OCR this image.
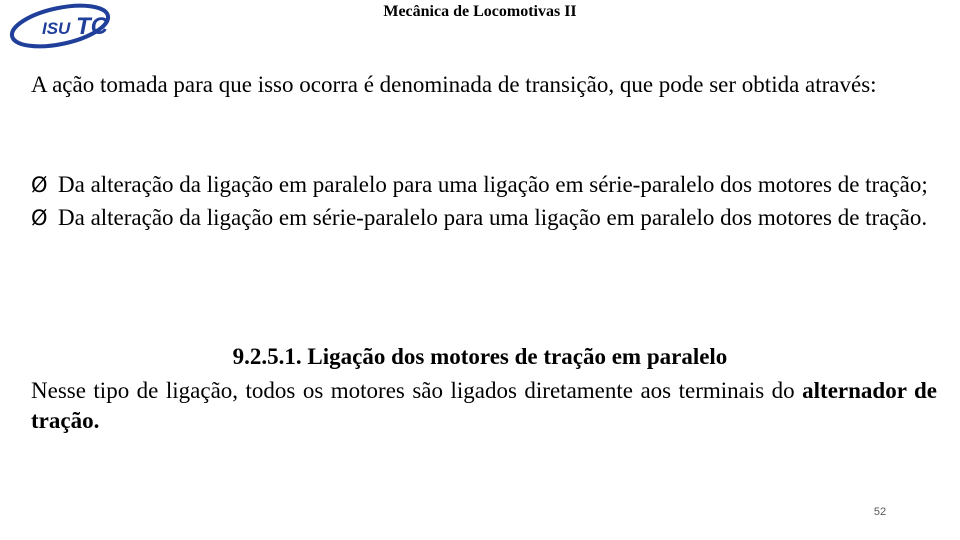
ISU TC
Mecânica de Locomotivas II

A ação tomada para que isso ocorra é denominada de transição, que pode ser obtida através:

Ø Da alteração da ligação em paralelo para uma ligação em série-paralelo dos motores de tração;
Ø Da alteração da ligação em série-paralelo para uma ligação em paralelo dos motores de tração.
9.2.5.1. Ligação dos motores de tração em paralelo

Nesse tipo de ligação, todos os motores são ligados diretamente aos terminais do alternador de tração.

52
